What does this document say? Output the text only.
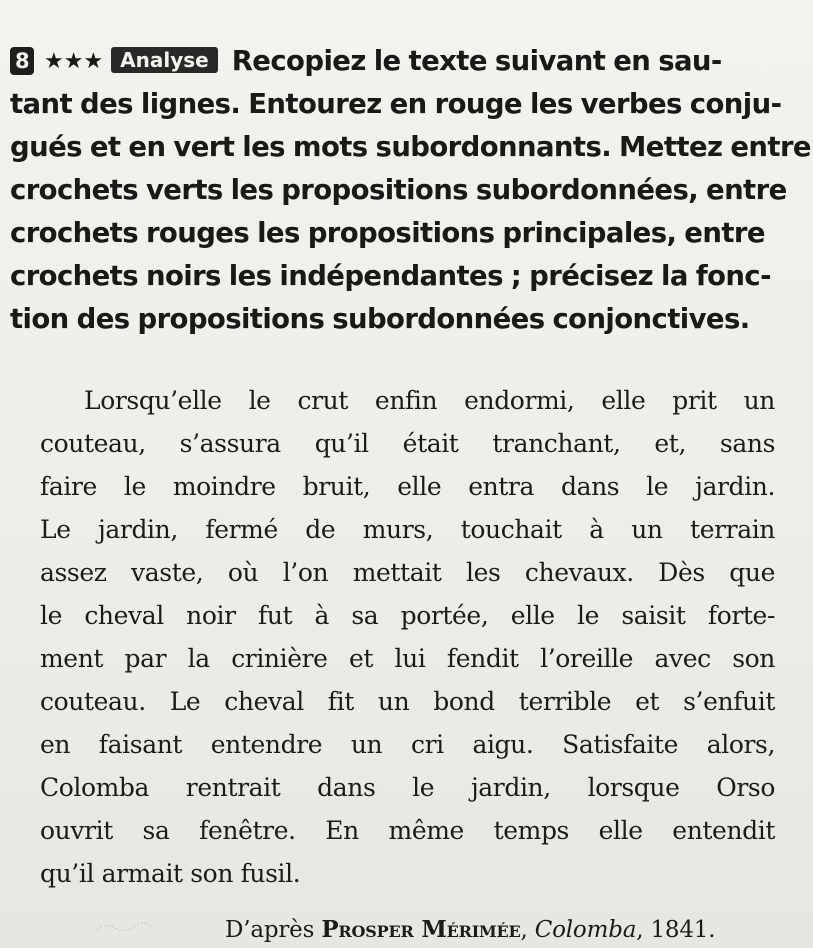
8 ★★★ Analyse Recopiez le texte suivant en sau-
tant des lignes. Entourez en rouge les verbes conju-
gués et en vert les mots subordonnants. Mettez entre
crochets verts les propositions subordonnées, entre
crochets rouges les propositions principales, entre
crochets noirs les indépendantes ; précisez la fonc-
tion des propositions subordonnées conjonctives.
Lorsqu’elle le crut enfin endormi, elle prit un
couteau, s’assura qu’il était tranchant, et, sans
faire le moindre bruit, elle entra dans le jardin.
Le jardin, fermé de murs, touchait à un terrain
assez vaste, où l’on mettait les chevaux. Dès que
le cheval noir fut à sa portée, elle le saisit forte-
ment par la crinière et lui fendit l’oreille avec son
couteau. Le cheval fit un bond terrible et s’enfuit
en faisant entendre un cri aigu. Satisfaite alors,
Colomba rentrait dans le jardin, lorsque Orso
ouvrit sa fenêtre. En même temps elle entendit
qu’il armait son fusil.
D’après Prosper Mérimée, Colomba, 1841.
